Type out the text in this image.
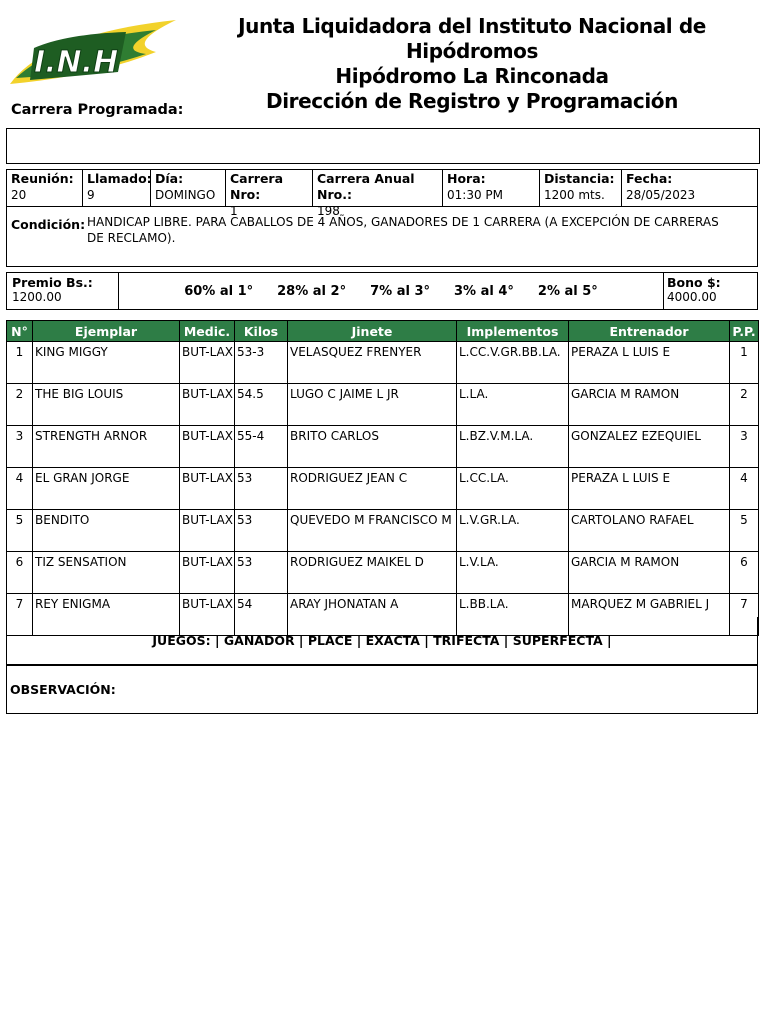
I.N.H
Junta Liquidadora del Instituto Nacional de Hipódromos
Hipódromo La Rinconada
Dirección de Registro y Programación
Carrera Programada:
Reunión:
20
Llamado:
9
Día:
DOMINGO
Carrera Nro:
1
Carrera Anual Nro.:
198
Hora:
01:30 PM
Distancia:
1200 mts.
Fecha:
28/05/2023
Condición: HANDICAP LIBRE. PARA CABALLOS DE 4 AÑOS, GANADORES DE 1 CARRERA (A EXCEPCIÓN DE CARRERAS DE RECLAMO).
Premio Bs.:
1200.00	60% al 1° 28% al 2° 7% al 3° 3% al 4° 2% al 5°
Bono $:
4000.00
N°	Ejemplar	Medic.	Kilos	Jinete	Implementos	Entrenador	P.P.
1	KING MIGGY	BUT-LAX	53-3	VELASQUEZ FRENYER	L.CC.V.GR.BB.LA.	PERAZA L LUIS E	1
2	THE BIG LOUIS	BUT-LAX	54.5	LUGO C JAIME L JR	L.LA.	GARCIA M RAMON	2
3	STRENGTH ARNOR	BUT-LAX	55-4	BRITO CARLOS	L.BZ.V.M.LA.	GONZALEZ EZEQUIEL	3
4	EL GRAN JORGE	BUT-LAX	53	RODRIGUEZ JEAN C	L.CC.LA.	PERAZA L LUIS E	4
5	BENDITO	BUT-LAX	53	QUEVEDO M FRANCISCO M	L.V.GR.LA.	CARTOLANO RAFAEL	5
6	TIZ SENSATION	BUT-LAX	53	RODRIGUEZ MAIKEL D	L.V.LA.	GARCIA M RAMON	6
7	REY ENIGMA	BUT-LAX	54	ARAY JHONATAN A	L.BB.LA.	MARQUEZ M GABRIEL J	7
JUEGOS: | GANADOR | PLACE | EXACTA | TRIFECTA | SUPERFECTA |
OBSERVACIÓN:
